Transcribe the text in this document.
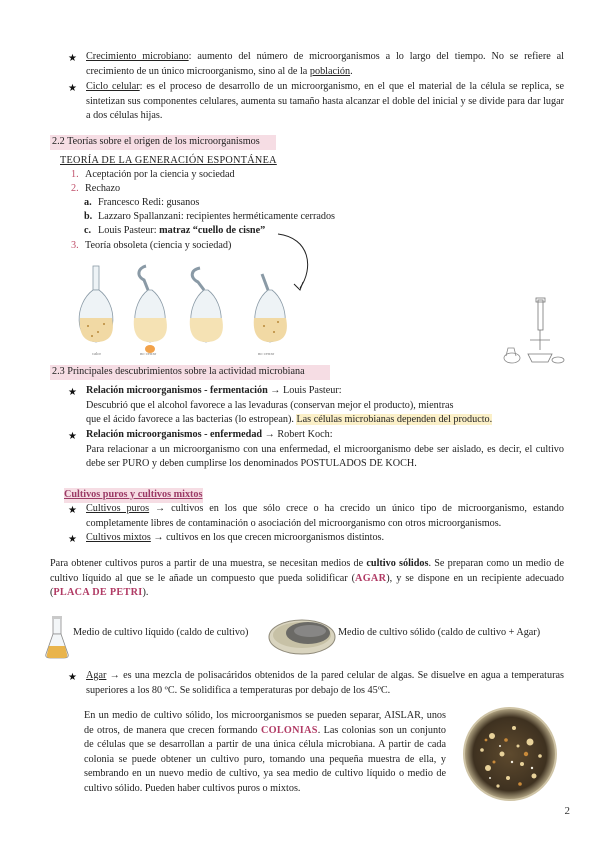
★ Crecimiento microbiano: aumento del número de microorganismos a lo largo del tiempo. No se refiere al crecimiento de un único microorganismo, sino al de la población.
★ Ciclo celular: es el proceso de desarrollo de un microorganismo, en el que el material de la célula se replica, se sintetizan sus componentes celulares, aumenta su tamaño hasta alcanzar el doble del inicial y se divide para dar lugar a dos células hijas.
2.2 Teorías sobre el origen de los microorganismos
TEORÍA DE LA GENERACIÓN ESPONTÁNEA
1. Aceptación por la ciencia y sociedad
2. Rechazo
a. Francesco Redi: gusanos
b. Lazzaro Spallanzani: recipientes herméticamente cerrados
c. Louis Pasteur: matraz “cuello de cisne”
3. Teoría obsoleta (ciencia y sociedad)
calor	no cerrar	no cerrar
2.3 Principales descubrimientos sobre la actividad microbiana
★ Relación microorganismos - fermentación → Louis Pasteur:
Descubrió que el alcohol favorece a las levaduras (conservan mejor el producto), mientras
que el ácido favorece a las bacterias (lo estropean). Las células microbianas dependen del producto.
★ Relación microorganismos - enfermedad → Robert Koch:
Para relacionar a un microorganismo con una enfermedad, el microorganismo debe ser aislado, es decir, el cultivo debe ser PURO y deben cumplirse los denominados POSTULADOS DE KOCH.
Cultivos puros y cultivos mixtos
★ Cultivos puros → cultivos en los que sólo crece o ha crecido un único tipo de microorganismo, estando completamente libres de contaminación o asociación del microorganismo con otros microorganismos.
★ Cultivos mixtos → cultivos en los que crecen microorganismos distintos.
Para obtener cultivos puros a partir de una muestra, se necesitan medios de cultivo sólidos. Se preparan como un medio de cultivo líquido al que se le añade un compuesto que pueda solidificar (AGAR), y se dispone en un recipiente adecuado (PLACA DE PETRI).
Medio de cultivo líquido (caldo de cultivo)	Medio de cultivo sólido (caldo de cultivo + Agar)
★ Agar → es una mezcla de polisacáridos obtenidos de la pared celular de algas. Se disuelve en agua a temperaturas superiores a los 80 ºC. Se solidifica a temperaturas por debajo de los 45ºC.
En un medio de cultivo sólido, los microorganismos se pueden separar, AISLAR, unos de otros, de manera que crecen formando COLONIAS. Las colonias son un conjunto de células que se desarrollan a partir de una única célula microbiana. A partir de cada colonia se puede obtener un cultivo puro, tomando una pequeña muestra de ella, y sembrando en un nuevo medio de cultivo, ya sea medio de cultivo líquido o medio de cultivo sólido. Pueden haber cultivos puros o mixtos.
2
